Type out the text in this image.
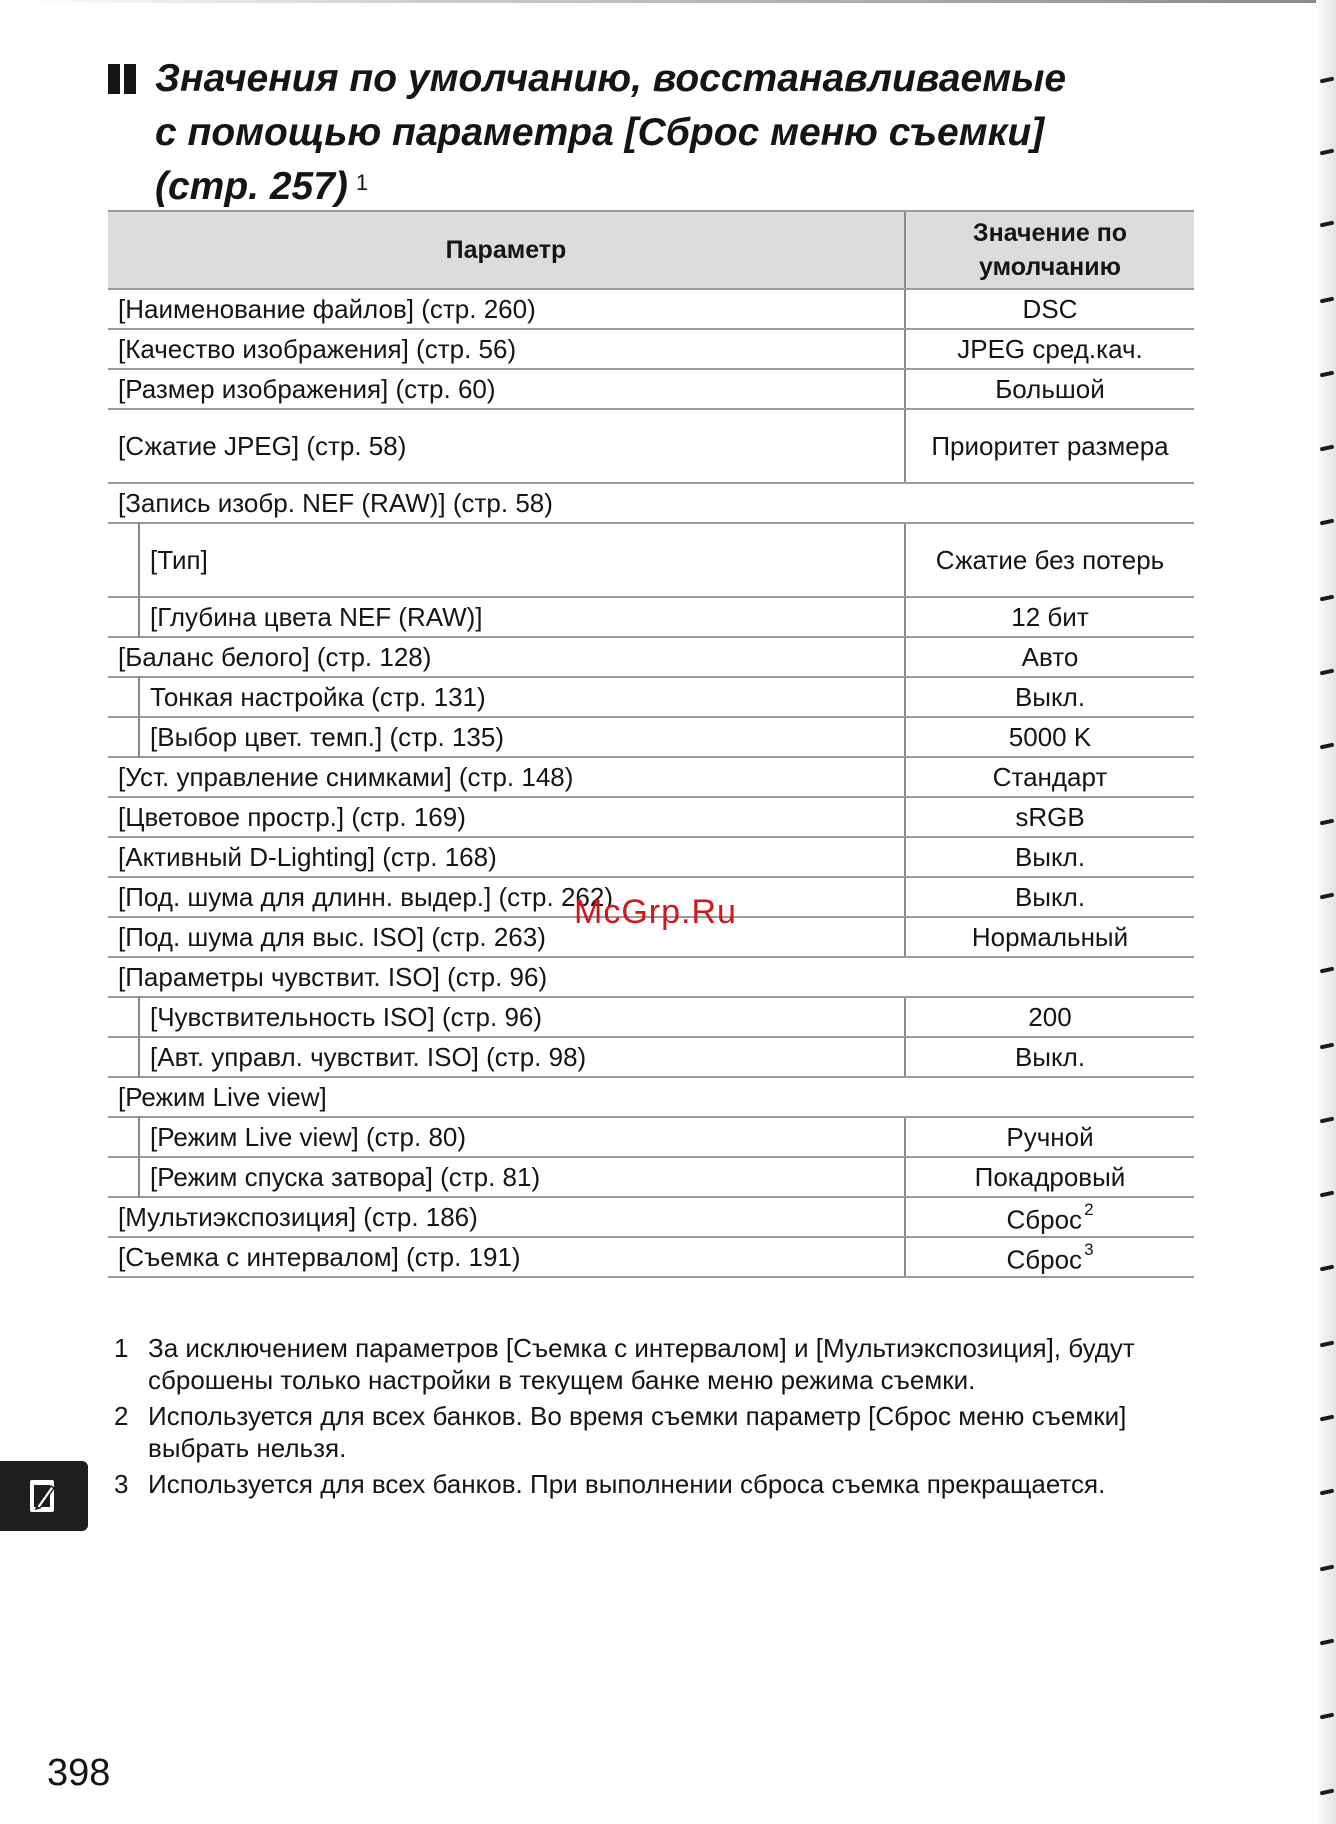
Значения по умолчанию, восстанавливаемые
с помощью параметра [Сброс меню съемки]
(стр. 257) $^1$
Параметр	Значение по умолчанию
[Наименование файлов] (стр. 260)	DSC
[Качество изображения] (стр. 56)	JPEG сред.кач.
[Размер изображения] (стр. 60)	Большой
[Сжатие JPEG] (стр. 58)	Приоритет размера
[Запись изобр. NEF (RAW)] (стр. 58)	
[Тип]	Сжатие без потерь
[Глубина цвета NEF (RAW)]	12 бит
[Баланс белого] (стр. 128)	Авто
Тонкая настройка (стр. 131)	Выкл.
[Выбор цвет. темп.] (стр. 135)	5000 K
[Уст. управление снимками] (стр. 148)	Стандарт
[Цветовое простр.] (стр. 169)	sRGB
[Активный D-Lighting] (стр. 168)	Выкл.
[Под. шума для длинн. выдер.] (стр. 262)	Выкл.
[Под. шума для выс. ISO] (стр. 263)	Нормальный
[Параметры чувствит. ISO] (стр. 96)	
[Чувствительность ISO] (стр. 96)	200
[Авт. управл. чувствит. ISO] (стр. 98)	Выкл.
[Режим Live view]	
[Режим Live view] (стр. 80)	Ручной
[Режим спуска затвора] (стр. 81)	Покадровый
[Мультиэкспозиция] (стр. 186)	Сброс $^2$
[Съемка с интервалом] (стр. 191)	Сброс $^3$
1 За исключением параметров [Съемка с интервалом] и [Мультиэкспозиция], будут сброшены только настройки в текущем банке меню режима съемки.
2 Используется для всех банков. Во время съемки параметр [Сброс меню съемки] выбрать нельзя.
3 Используется для всех банков. При выполнении сброса съемка прекращается.
McGrp.Ru
398
